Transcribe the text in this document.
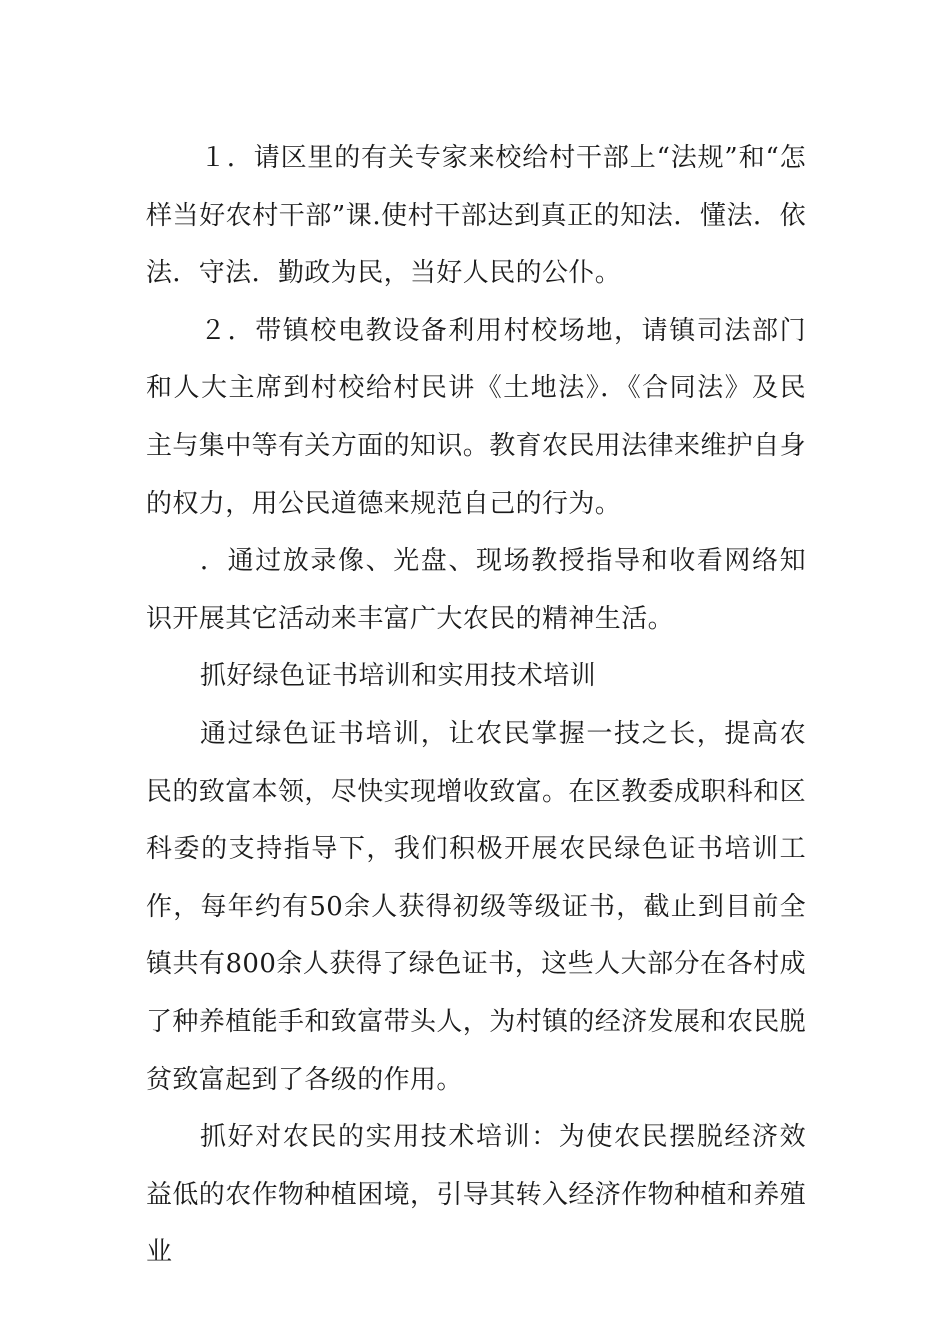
１．请区里的有关专家来校给村干部上“法规”和“怎样当好农村干部”课.使村干部达到真正的知法．懂法．依法．守法．勤政为民，当好人民的公仆。

２．带镇校电教设备利用村校场地，请镇司法部门和人大主席到村校给村民讲《土地法》．《合同法》及民主与集中等有关方面的知识。教育农民用法律来维护自身的权力，用公民道德来规范自己的行为。

．通过放录像、光盘、现场教授指导和收看网络知识开展其它活动来丰富广大农民的精神生活。

抓好绿色证书培训和实用技术培训

通过绿色证书培训，让农民掌握一技之长，提高农民的致富本领，尽快实现增收致富。在区教委成职科和区科委的支持指导下，我们积极开展农民绿色证书培训工作，每年约有50余人获得初级等级证书，截止到目前全镇共有800余人获得了绿色证书，这些人大部分在各村成了种养植能手和致富带头人，为村镇的经济发展和农民脱贫致富起到了各级的作用。

抓好对农民的实用技术培训：为使农民摆脱经济效益低的农作物种植困境，引导其转入经济作物种植和养殖业
